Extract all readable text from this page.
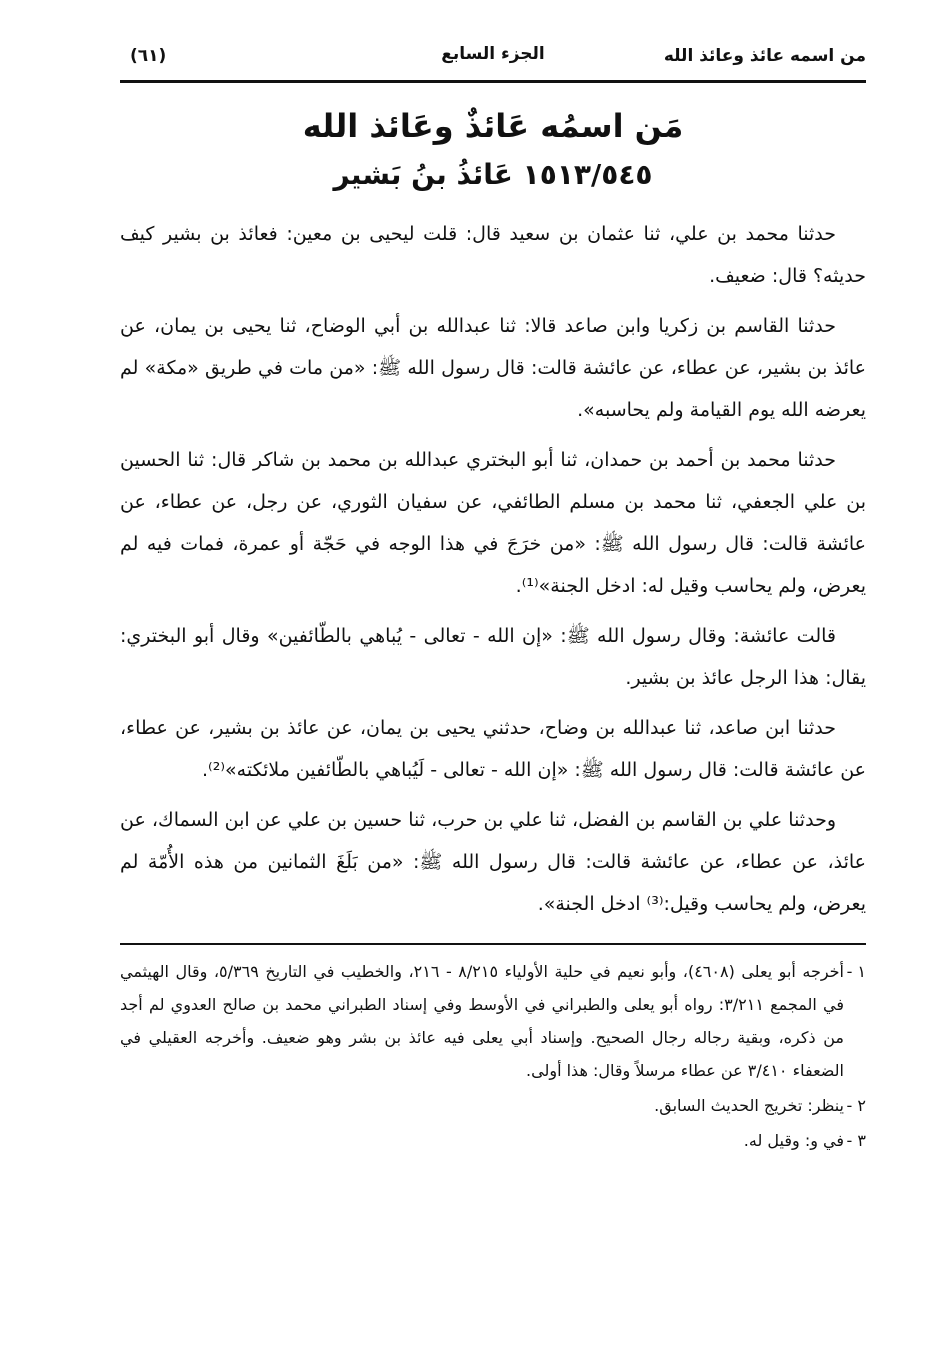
من اسمه عائذ وعائذ الله
الجزء السابع
(٦١)
مَن اسمُه عَائذٌ وعَائذ الله
١٥١٣/٥٤٥ عَائذُ بنُ بَشير

حدثنا محمد بن علي، ثنا عثمان بن سعيد قال: قلت ليحيى بن معين: فعائذ بن بشير كيف حديثه؟ قال: ضعيف.

حدثنا القاسم بن زكريا وابن صاعد قالا: ثنا عبدالله بن أبي الوضاح، ثنا يحيى بن يمان، عن عائذ بن بشير، عن عطاء، عن عائشة قالت: قال رسول الله ﷺ: «من مات في طريق «مكة» لم يعرضه الله يوم القيامة ولم يحاسبه».

حدثنا محمد بن أحمد بن حمدان، ثنا أبو البختري عبدالله بن محمد بن شاكر قال: ثنا الحسين بن علي الجعفي، ثنا محمد بن مسلم الطائفي، عن سفيان الثوري، عن رجل، عن عطاء، عن عائشة قالت: قال رسول الله ﷺ: «من خرَجَ في هذا الوجه في حَجّة أو عمرة، فمات فيه لم يعرض، ولم يحاسب وقيل له: ادخل الجنة»⁽¹⁾.

قالت عائشة: وقال رسول الله ﷺ: «إن الله - تعالى - يُباهي بالطّائفين» وقال أبو البختري: يقال: هذا الرجل عائذ بن بشير.

حدثنا ابن صاعد، ثنا عبدالله بن وضاح، حدثني يحيى بن يمان، عن عائذ بن بشير، عن عطاء، عن عائشة قالت: قال رسول الله ﷺ: «إن الله - تعالى - لَيُباهي بالطّائفين ملائكته»⁽²⁾.

وحدثنا علي بن القاسم بن الفضل، ثنا علي بن حرب، ثنا حسين بن علي عن ابن السماك، عن عائذ، عن عطاء، عن عائشة قالت: قال رسول الله ﷺ: «من بَلَغَ الثمانين من هذه الأُمّة لم يعرض، ولم يحاسب وقيل:⁽³⁾ ادخل الجنة».

١ -أخرجه أبو يعلى (٤٦٠٨)، وأبو نعيم في حلية الأولياء ٨/٢١٥ - ٢١٦، والخطيب في التاريخ ٥/٣٦٩، وقال الهيثمي في المجمع ٣/٢١١: رواه أبو يعلى والطبراني في الأوسط وفي إسناد الطبراني محمد بن صالح العدوي لم أجد من ذكره، وبقية رجاله رجال الصحيح. وإسناد أبي يعلى فيه عائذ بن بشر وهو ضعيف. وأخرجه العقيلي في الضعفاء ٣/٤١٠ عن عطاء مرسلاً وقال: هذا أولى.

٢ -ينظر: تخريج الحديث السابق.

٣ -في و: وقيل له.
